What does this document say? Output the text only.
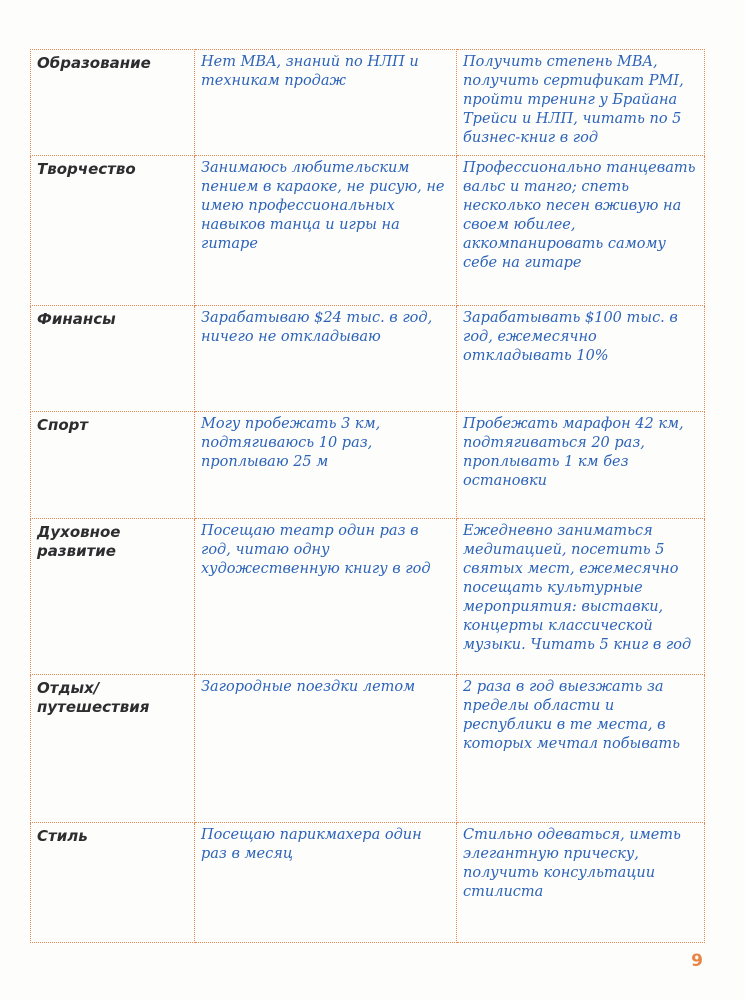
Образование	Нет MBA, знаний по НЛП и техникам продаж	Получить степень MBA, получить сертификат PMI, пройти тренинг у Брайана Трейси и НЛП, читать по 5 бизнес-книг в год
Творчество	Занимаюсь любительским пением в караоке, не рисую, не имею профессиональных навыков танца и игры на гитаре	Профессионально танцевать вальс и танго; спеть несколько песен вживую на своем юбилее, аккомпанировать самому себе на гитаре
Финансы	Зарабатываю $24 тыс. в год, ничего не откладываю	Зарабатывать $100 тыс. в год, ежемесячно откладывать 10%
Спорт	Могу пробежать 3 км, подтягиваюсь 10 раз, проплываю 25 м	Пробежать марафон 42 км, подтягиваться 20 раз, проплывать 1 км без остановки
Духовное развитие	Посещаю театр один раз в год, читаю одну художественную книгу в год	Ежедневно заниматься медитацией, посетить 5 святых мест, ежемесячно посещать культурные мероприятия: выставки, концерты классической музыки. Читать 5 книг в год
Отдых/ путешествия	Загородные поездки летом	2 раза в год выезжать за пределы области и республики в те места, в которых мечтал побывать
Стиль	Посещаю парикмахера один раз в месяц	Стильно одеваться, иметь элегантную прическу, получить консультации стилиста
9
